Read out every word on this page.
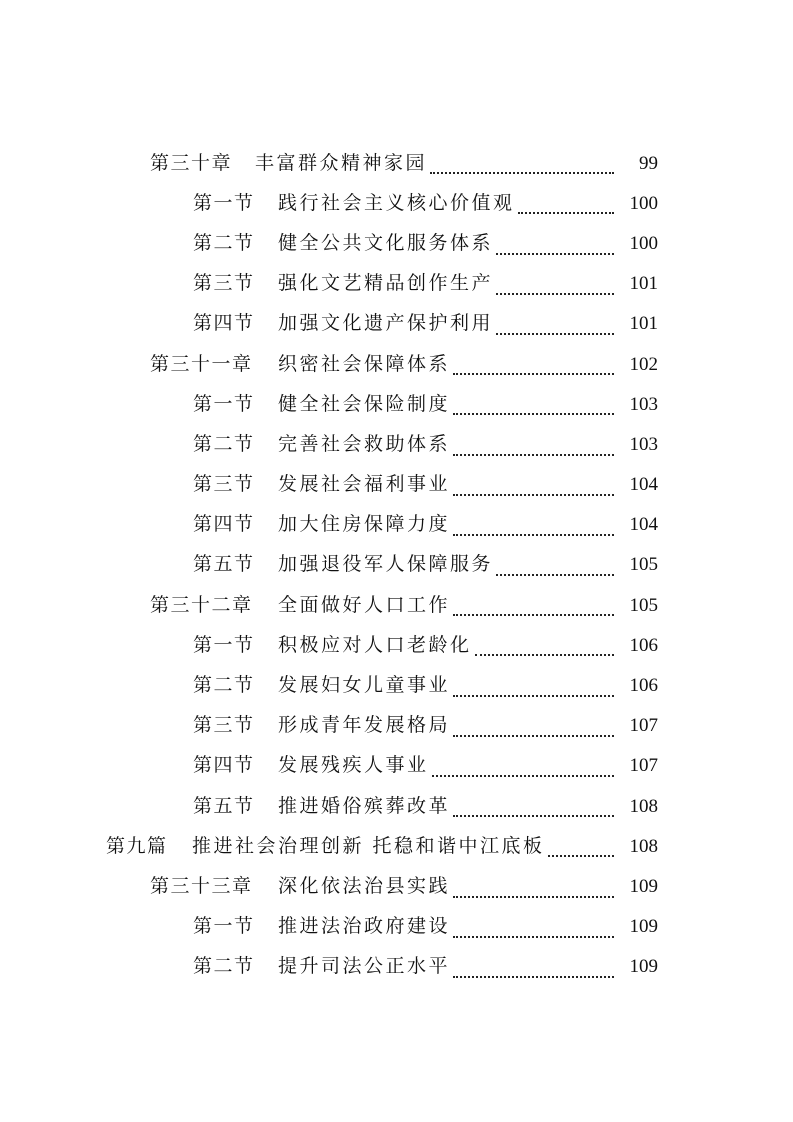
第三十章	丰富群众精神家园	99
第一节	践行社会主义核心价值观	100
第二节	健全公共文化服务体系	100
第三节	强化文艺精品创作生产	101
第四节	加强文化遗产保护利用	101
第三十一章	织密社会保障体系	102
第一节	健全社会保险制度	103
第二节	完善社会救助体系	103
第三节	发展社会福利事业	104
第四节	加大住房保障力度	104
第五节	加强退役军人保障服务	105
第三十二章	全面做好人口工作	105
第一节	积极应对人口老龄化	106
第二节	发展妇女儿童事业	106
第三节	形成青年发展格局	107
第四节	发展残疾人事业	107
第五节	推进婚俗殡葬改革	108
第九篇	推进社会治理创新 托稳和谐中江底板	108
第三十三章	深化依法治县实践	109
第一节	推进法治政府建设	109
第二节	提升司法公正水平	109
